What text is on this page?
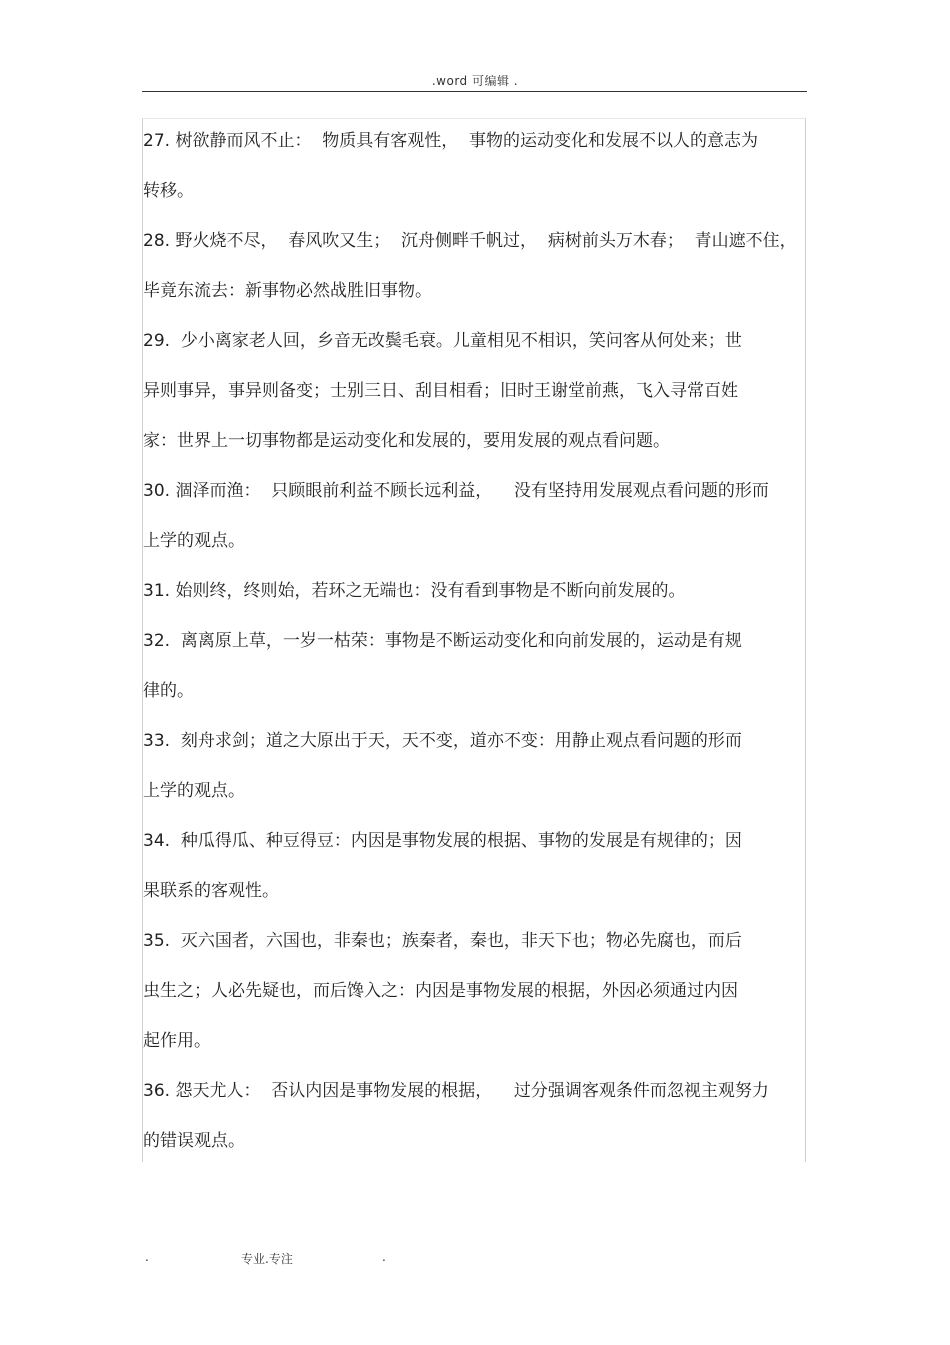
.word 可编辑 .
27. 树欲静而风不止：  物质具有客观性，  事物的运动变化和发展不以人的意志为
转移。
28. 野火烧不尽，  春风吹又生；  沉舟侧畔千帆过，  病树前头万木春；  青山遮不住，
毕竟东流去：新事物必然战胜旧事物。
29.  少小离家老人回，乡音无改鬓毛衰。儿童相见不相识，笑问客从何处来；世
异则事异，事异则备变；士别三日、刮目相看；旧时王谢堂前燕，飞入寻常百姓
家：世界上一切事物都是运动变化和发展的，要用发展的观点看问题。
30. 涸泽而渔：  只顾眼前利益不顾长远利益，    没有坚持用发展观点看问题的形而
上学的观点。
31. 始则终，终则始，若环之无端也：没有看到事物是不断向前发展的。
32.  离离原上草，一岁一枯荣：事物是不断运动变化和向前发展的，运动是有规
律的。
33.  刻舟求剑；道之大原出于天，天不变，道亦不变：用静止观点看问题的形而
上学的观点。
34.  种瓜得瓜、种豆得豆：内因是事物发展的根据、事物的发展是有规律的；因
果联系的客观性。
35.  灭六国者，六国也，非秦也；族秦者，秦也，非天下也；物必先腐也，而后
虫生之；人必先疑也，而后馋入之：内因是事物发展的根据，外因必须通过内因
起作用。
36. 怨天尤人：  否认内因是事物发展的根据，    过分强调客观条件而忽视主观努力
的错误观点。
.	专业.专注	.
